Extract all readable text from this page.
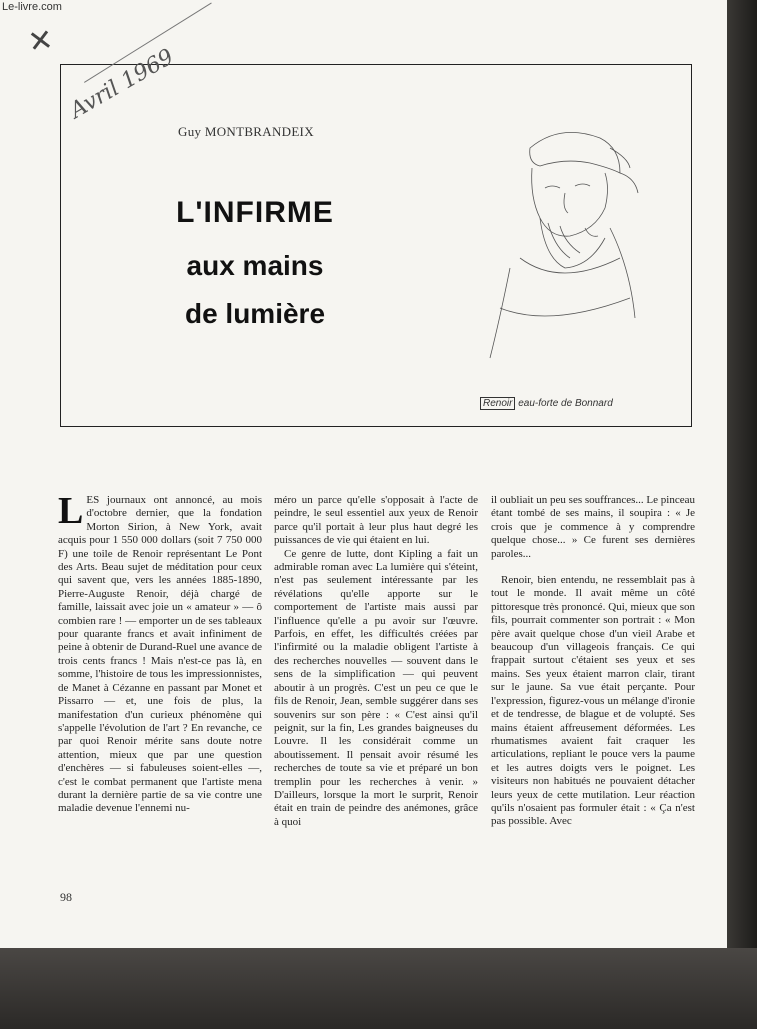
Le-livre.com
✕
Avril 1969
Guy MONTBRANDEIX
L'INFIRME
aux mains
de lumière
Renoir eau-forte de Bonnard

LES journaux ont annoncé, au mois d'octobre dernier, que la fondation Morton Sirion, à New York, avait acquis pour 1 550 000 dollars (soit 7 750 000 F) une toile de Renoir représentant Le Pont des Arts. Beau sujet de méditation pour ceux qui savent que, vers les années 1885-1890, Pierre-Auguste Renoir, déjà chargé de famille, laissait avec joie un « amateur » — ô combien rare ! — emporter un de ses tableaux pour quarante francs et avait infiniment de peine à obtenir de Durand-Ruel une avance de trois cents francs ! Mais n'est-ce pas là, en somme, l'histoire de tous les impressionnistes, de Manet à Cézanne en passant par Monet et Pissarro — et, une fois de plus, la manifestation d'un curieux phénomène qui s'appelle l'évolution de l'art ? En revanche, ce par quoi Renoir mérite sans doute notre attention, mieux que par une question d'enchères — si fabuleuses soient-elles —, c'est le combat permanent que l'artiste mena durant la dernière partie de sa vie contre une maladie devenue l'ennemi nu-

méro un parce qu'elle s'opposait à l'acte de peindre, le seul essentiel aux yeux de Renoir parce qu'il portait à leur plus haut degré les puissances de vie qui étaient en lui.

Ce genre de lutte, dont Kipling a fait un admirable roman avec La lumière qui s'éteint, n'est pas seulement intéressante par les révélations qu'elle apporte sur le comportement de l'artiste mais aussi par l'influence qu'elle a pu avoir sur l'œuvre. Parfois, en effet, les difficultés créées par l'infirmité ou la maladie obligent l'artiste à des recherches nouvelles — souvent dans le sens de la simplification — qui peuvent aboutir à un progrès. C'est un peu ce que le fils de Renoir, Jean, semble suggérer dans ses souvenirs sur son père : « C'est ainsi qu'il peignit, sur la fin, Les grandes baigneuses du Louvre. Il les considérait comme un aboutissement. Il pensait avoir résumé les recherches de toute sa vie et préparé un bon tremplin pour les recherches à venir. » D'ailleurs, lorsque la mort le surprit, Renoir était en train de peindre des anémones, grâce à quoi

il oubliait un peu ses souffrances... Le pinceau étant tombé de ses mains, il soupira : « Je crois que je commence à y comprendre quelque chose... » Ce furent ses dernières paroles...

Renoir, bien entendu, ne ressemblait pas à tout le monde. Il avait même un côté pittoresque très prononcé. Qui, mieux que son fils, pourrait commenter son portrait : « Mon père avait quelque chose d'un vieil Arabe et beaucoup d'un villageois français. Ce qui frappait surtout c'étaient ses yeux et ses mains. Ses yeux étaient marron clair, tirant sur le jaune. Sa vue était perçante. Pour l'expression, figurez-vous un mélange d'ironie et de tendresse, de blague et de volupté. Ses mains étaient affreusement déformées. Les rhumatismes avaient fait craquer les articulations, repliant le pouce vers la paume et les autres doigts vers le poignet. Les visiteurs non habitués ne pouvaient détacher leurs yeux de cette mutilation. Leur réaction qu'ils n'osaient pas formuler était : « Ça n'est pas possible. Avec

98
